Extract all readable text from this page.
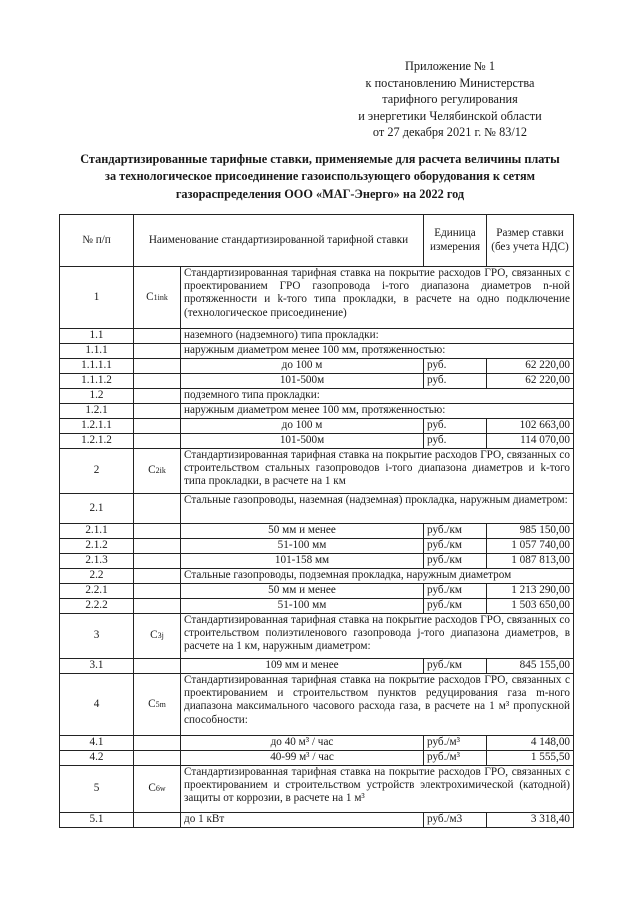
Приложение № 1
к постановлению Министерства
тарифного регулирования
и энергетики Челябинской области
от 27 декабря 2021 г. № 83/12
Стандартизированные тарифные ставки, применяемые для расчета величины платы
за технологическое присоединение газоиспользующего оборудования к сетям
газораспределения ООО «МАГ-Энерго» на 2022 год
№ п/п	Наименование стандартизированной тарифной ставки		Единица измерения	Размер ставки (без учета НДС)
1	C1ink	Стандартизированная тарифная ставка на покрытие расходов ГРО, связанных с проектированием ГРО газопровода i-того диапазона диаметров n-ной протяженности и k-того типа прокладки, в расчете на одно подключение (технологическое присоединение)		
1.1		наземного (надземного) типа прокладки:		
1.1.1		наружным диаметром менее 100 мм, протяженностью:		
1.1.1.1		до 100 м	руб.	62 220,00
1.1.1.2		101-500м	руб.	62 220,00
1.2		подземного типа прокладки:		
1.2.1		наружным диаметром менее 100 мм, протяженностью:		
1.2.1.1		до 100 м	руб.	102 663,00
1.2.1.2		101-500м	руб.	114 070,00
2	C2ik	Стандартизированная тарифная ставка на покрытие расходов ГРО, связанных со строительством стальных газопроводов i-того диапазона диаметров и k-того типа прокладки, в расчете на 1 км		
2.1		Стальные газопроводы, наземная (надземная) прокладка, наружным диаметром:		
2.1.1		50 мм и менее	руб./км	985 150,00
2.1.2		51-100 мм	руб./км	1 057 740,00
2.1.3		101-158 мм	руб./км	1 087 813,00
2.2		Стальные газопроводы, подземная прокладка, наружным диаметром		
2.2.1		50 мм и менее	руб./км	1 213 290,00
2.2.2		51-100 мм	руб./км	1 503 650,00
3	C3j	Стандартизированная тарифная ставка на покрытие расходов ГРО, связанных со строительством полиэтиленового газопровода j-того диапазона диаметров, в расчете на 1 км, наружным диаметром:		
3.1		109 мм и менее	руб./км	845 155,00
4	C5m	Стандартизированная тарифная ставка на покрытие расходов ГРО, связанных с проектированием и строительством пунктов редуцирования газа m-ного диапазона максимального часового расхода газа, в расчете на 1 м³ пропускной способности:		
4.1		до 40 м³ / час	руб./м³	4 148,00
4.2		40-99 м³ / час	руб./м³	1 555,50
5	C6w	Стандартизированная тарифная ставка на покрытие расходов ГРО, связанных с проектированием и строительством устройств электрохимической (катодной) защиты от коррозии, в расчете на 1 м³		
5.1		до 1 кВт	руб./м3	3 318,40
